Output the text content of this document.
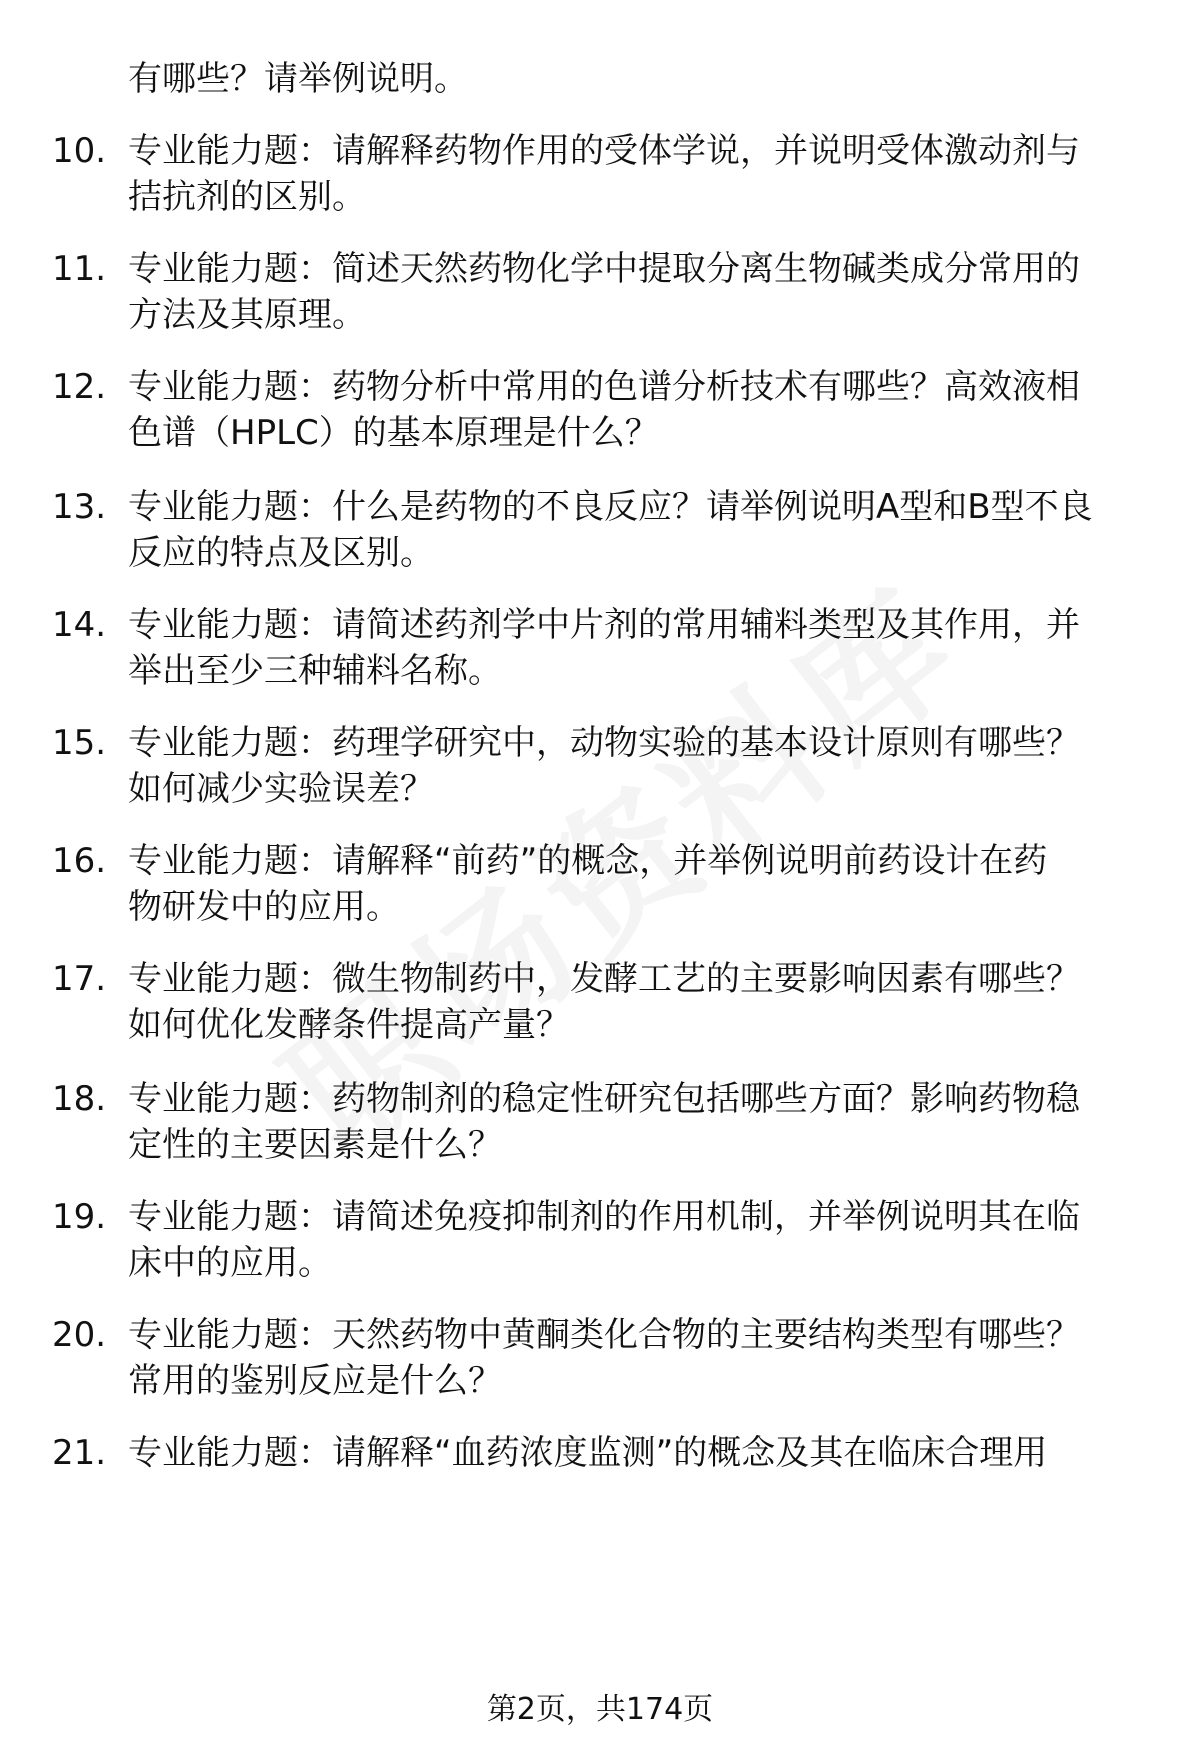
有哪些？请举例说明。
10. 专业能力题：请解释药物作用的受体学说，并说明受体激动剂与
拮抗剂的区别。
11. 专业能力题：简述天然药物化学中提取分离生物碱类成分常用的
方法及其原理。
12. 专业能力题：药物分析中常用的色谱分析技术有哪些？高效液相
色谱（HPLC）的基本原理是什么？
13. 专业能力题：什么是药物的不良反应？请举例说明A型和B型不良
反应的特点及区别。
14. 专业能力题：请简述药剂学中片剂的常用辅料类型及其作用，并
举出至少三种辅料名称。
15. 专业能力题：药理学研究中，动物实验的基本设计原则有哪些？
如何减少实验误差？
16. 专业能力题：请解释“前药”的概念，并举例说明前药设计在药
物研发中的应用。
17. 专业能力题：微生物制药中，发酵工艺的主要影响因素有哪些？
如何优化发酵条件提高产量？
18. 专业能力题：药物制剂的稳定性研究包括哪些方面？影响药物稳
定性的主要因素是什么？
19. 专业能力题：请简述免疫抑制剂的作用机制，并举例说明其在临
床中的应用。
20. 专业能力题：天然药物中黄酮类化合物的主要结构类型有哪些？
常用的鉴别反应是什么？
21. 专业能力题：请解释“血药浓度监测”的概念及其在临床合理用
第2页，共174页
